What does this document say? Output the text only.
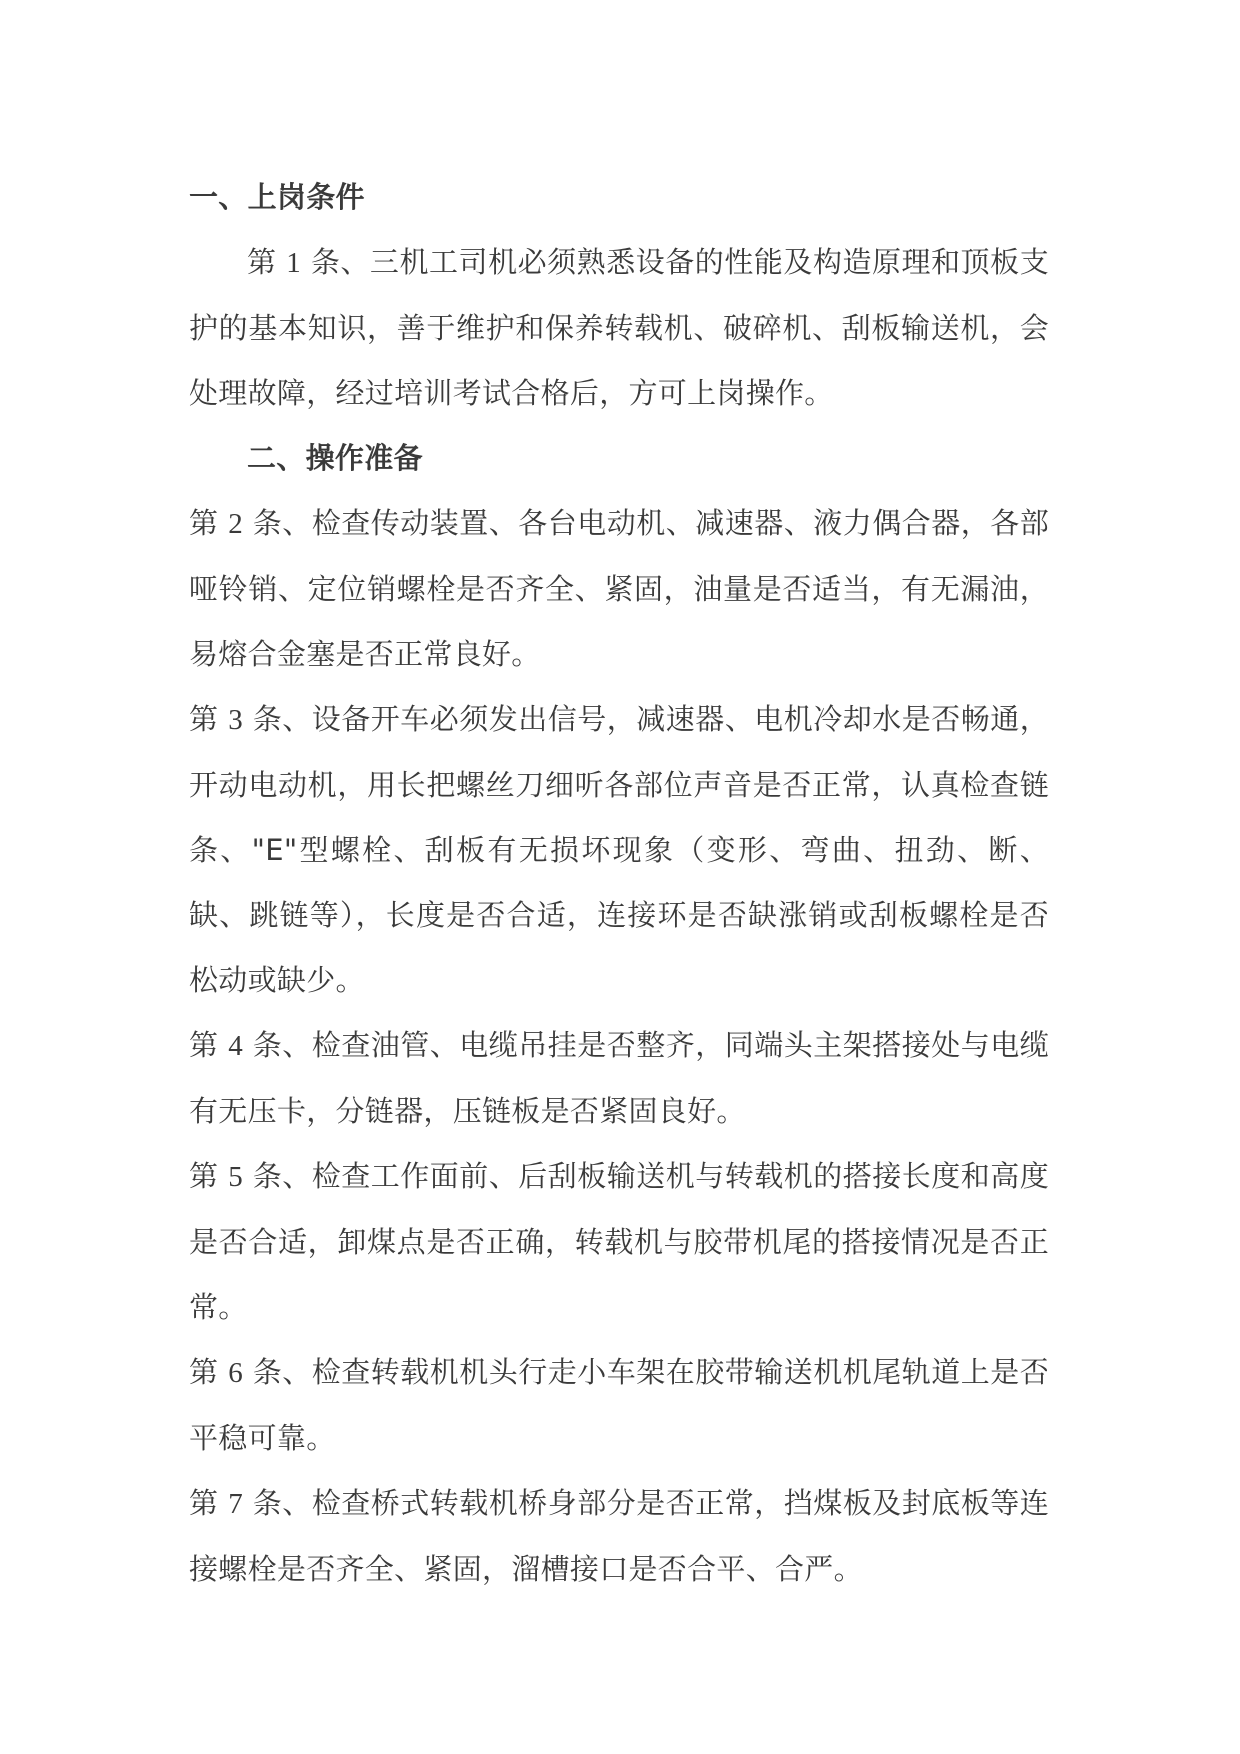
一、上岗条件

第 1 条、三机工司机必须熟悉设备的性能及构造原理和顶板支护的基本知识，善于维护和保养转载机、破碎机、刮板输送机，会处理故障，经过培训考试合格后，方可上岗操作。

二、操作准备

第 2 条、检查传动装置、各台电动机、减速器、液力偶合器，各部哑铃销、定位销螺栓是否齐全、紧固，油量是否适当，有无漏油，易熔合金塞是否正常良好。

第 3 条、设备开车必须发出信号，减速器、电机冷却水是否畅通，开动电动机，用长把螺丝刀细听各部位声音是否正常，认真检查链条、"E"型螺栓、刮板有无损坏现象（变形、弯曲、扭劲、断、缺、跳链等），长度是否合适，连接环是否缺涨销或刮板螺栓是否松动或缺少。

第 4 条、检查油管、电缆吊挂是否整齐，同端头主架搭接处与电缆有无压卡，分链器，压链板是否紧固良好。

第 5 条、检查工作面前、后刮板输送机与转载机的搭接长度和高度是否合适，卸煤点是否正确，转载机与胶带机尾的搭接情况是否正常。

第 6 条、检查转载机机头行走小车架在胶带输送机机尾轨道上是否平稳可靠。

第 7 条、检查桥式转载机桥身部分是否正常，挡煤板及封底板等连接螺栓是否齐全、紧固，溜槽接口是否合平、合严。
